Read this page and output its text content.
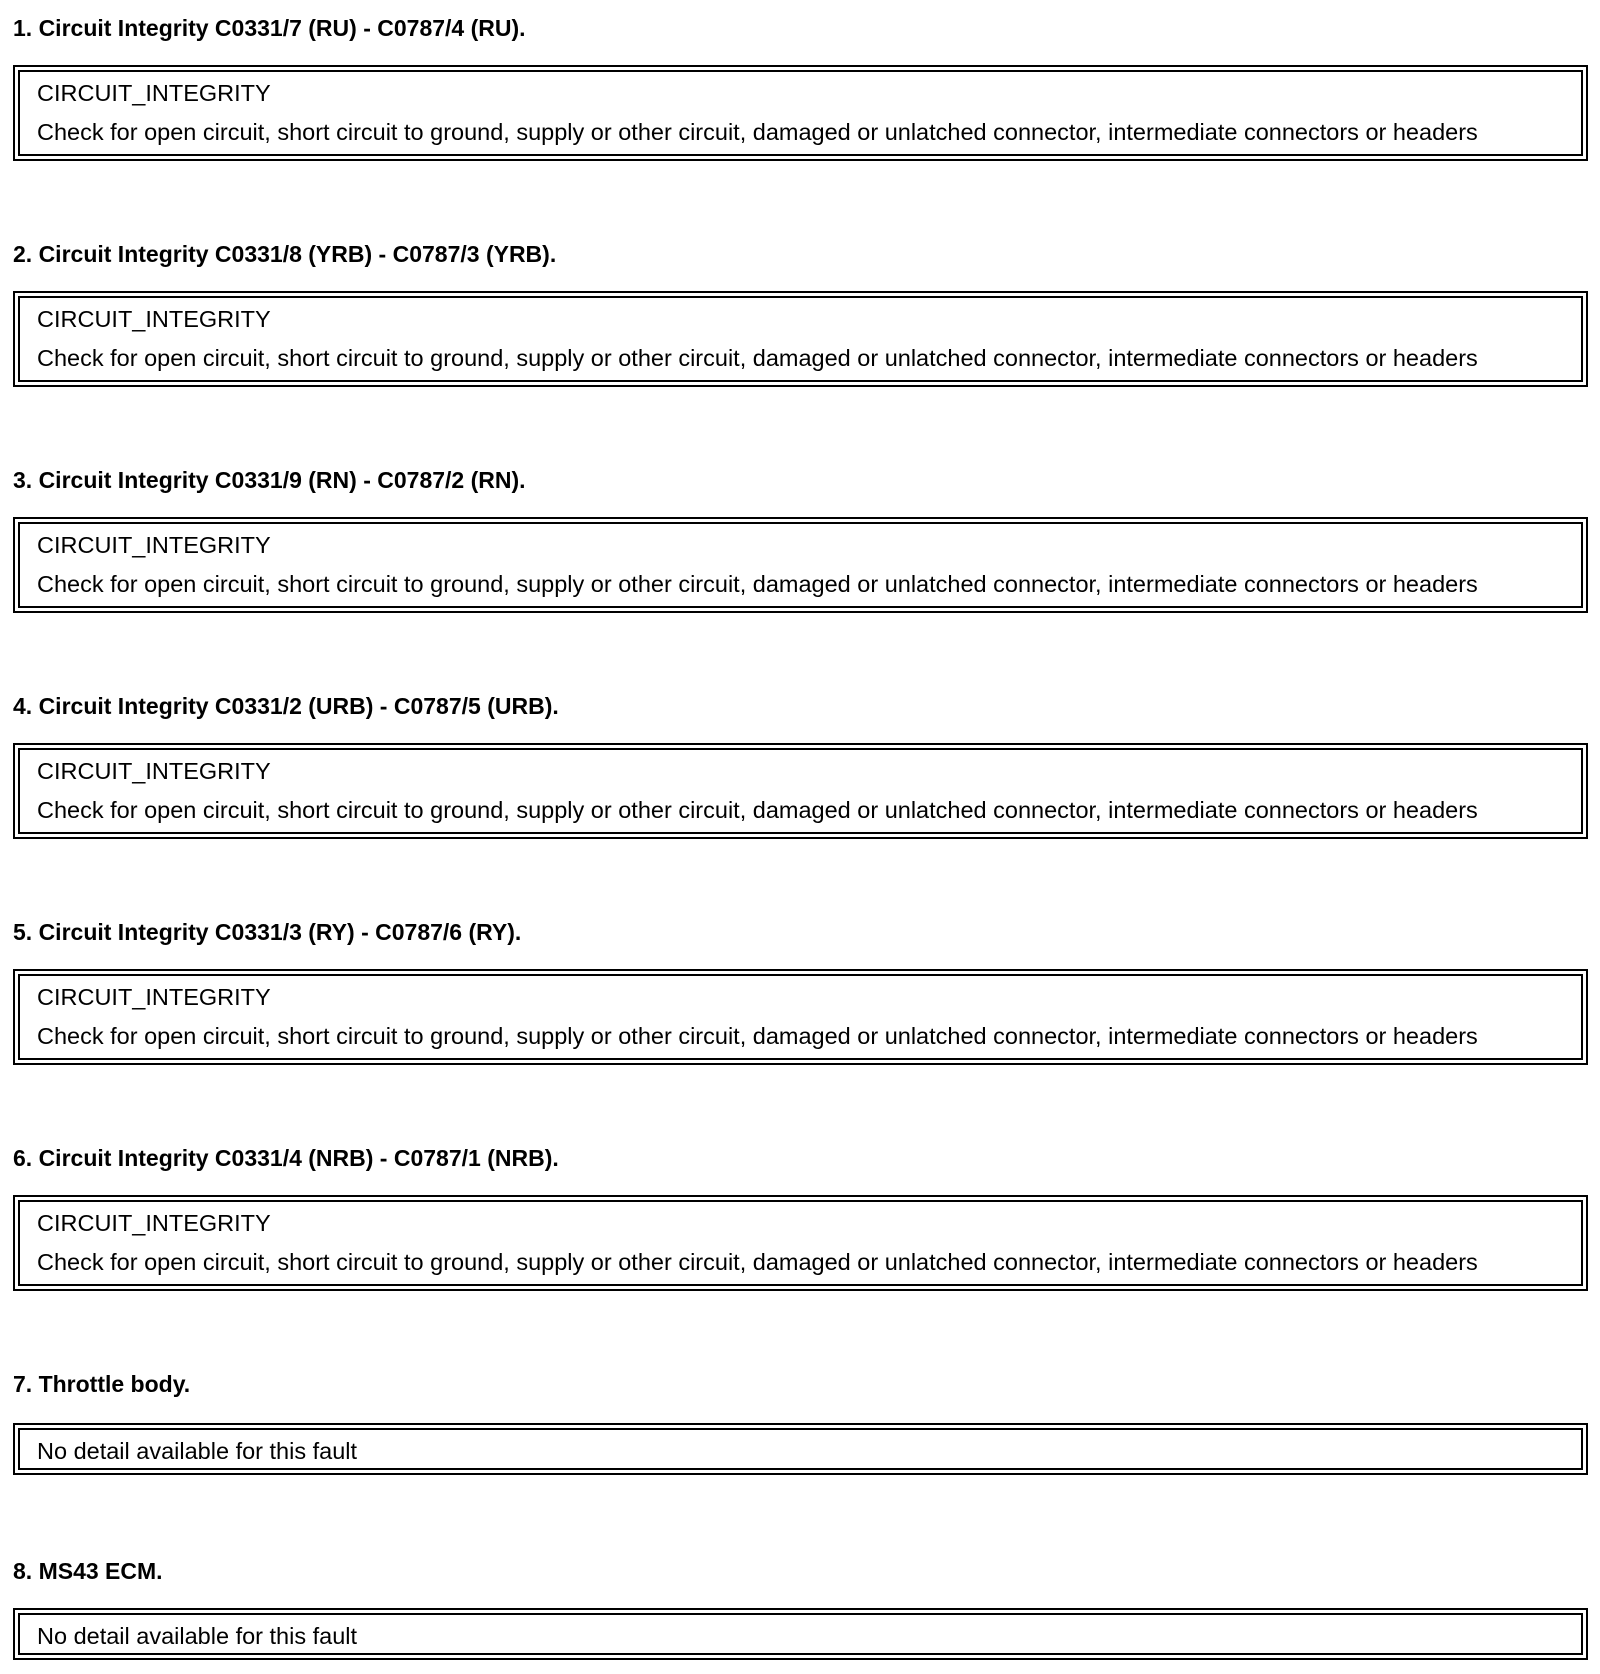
1. Circuit Integrity C0331/7 (RU) - C0787/4 (RU).
CIRCUIT_INTEGRITY
Check for open circuit, short circuit to ground, supply or other circuit, damaged or unlatched connector, intermediate connectors or headers
2. Circuit Integrity C0331/8 (YRB) - C0787/3 (YRB).
CIRCUIT_INTEGRITY
Check for open circuit, short circuit to ground, supply or other circuit, damaged or unlatched connector, intermediate connectors or headers
3. Circuit Integrity C0331/9 (RN) - C0787/2 (RN).
CIRCUIT_INTEGRITY
Check for open circuit, short circuit to ground, supply or other circuit, damaged or unlatched connector, intermediate connectors or headers
4. Circuit Integrity C0331/2 (URB) - C0787/5 (URB).
CIRCUIT_INTEGRITY
Check for open circuit, short circuit to ground, supply or other circuit, damaged or unlatched connector, intermediate connectors or headers
5. Circuit Integrity C0331/3 (RY) - C0787/6 (RY).
CIRCUIT_INTEGRITY
Check for open circuit, short circuit to ground, supply or other circuit, damaged or unlatched connector, intermediate connectors or headers
6. Circuit Integrity C0331/4 (NRB) - C0787/1 (NRB).
CIRCUIT_INTEGRITY
Check for open circuit, short circuit to ground, supply or other circuit, damaged or unlatched connector, intermediate connectors or headers
7. Throttle body.
No detail available for this fault
8. MS43 ECM.
No detail available for this fault
